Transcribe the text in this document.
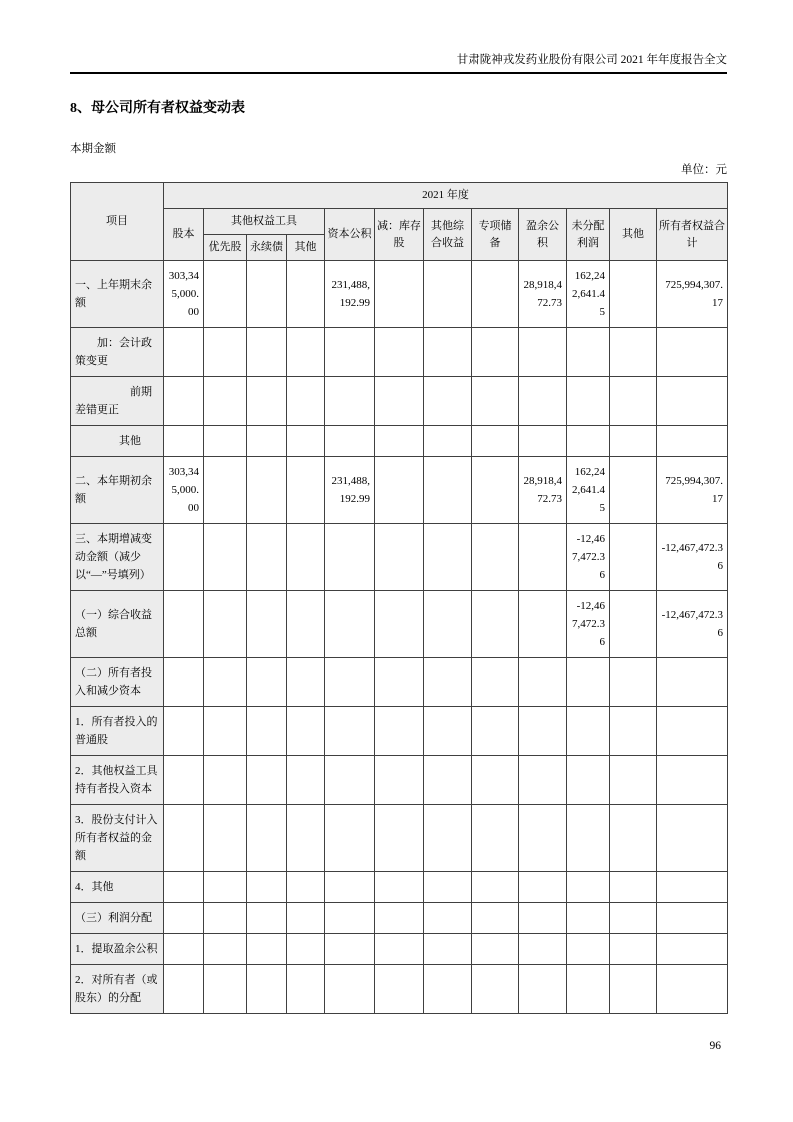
甘肃陇神戎发药业股份有限公司 2021 年年度报告全文
8、母公司所有者权益变动表
本期金额
单位：元
项目	2021 年度											
	股本	其他权益工具			资本公积	减：库存股	其他综合收益	专项储备	盈余公积	未分配利润	其他	所有者权益合计
		优先股	永续债	其他								
一、上年期末余额	303,345,000.00				231,488,192.99				28,918,472.73	162,242,641.45		725,994,307.17
　　加：会计政策变更												
　　　　　前期差错更正												
　　　　其他												
二、本年期初余额	303,345,000.00				231,488,192.99				28,918,472.73	162,242,641.45		725,994,307.17
三、本期增减变动金额（减少以“—”号填列）										-12,467,472.36		-12,467,472.36
（一）综合收益总额										-12,467,472.36		-12,467,472.36
（二）所有者投入和减少资本												
1．所有者投入的普通股												
2．其他权益工具持有者投入资本												
3．股份支付计入所有者权益的金额												
4．其他												
（三）利润分配												
1．提取盈余公积												
2．对所有者（或股东）的分配												
96
